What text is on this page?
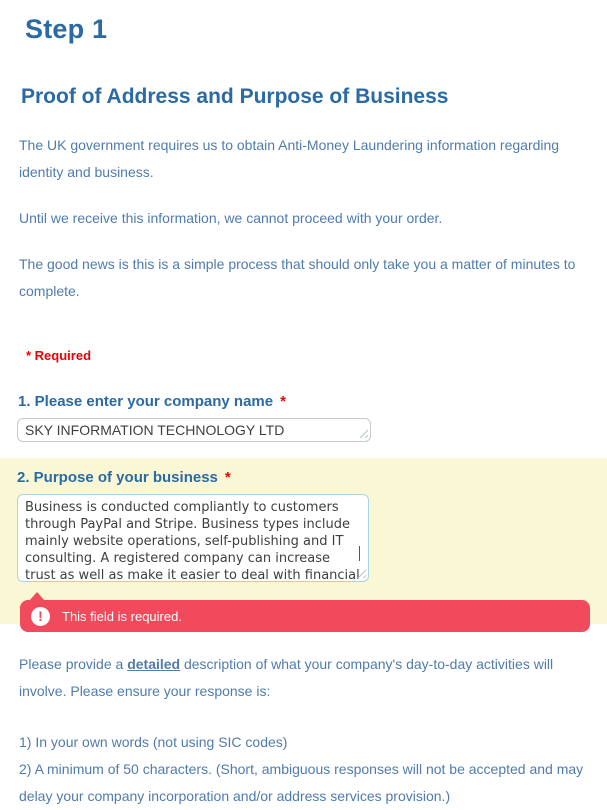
Step 1
Proof of Address and Purpose of Business

The UK government requires us to obtain Anti-Money Laundering information regarding identity and business.

Until we receive this information, we cannot proceed with your order.

The good news is this is a simple process that should only take you a matter of minutes to complete.

* Required
1. Please enter your company name *
SKY INFORMATION TECHNOLOGY LTD
2. Purpose of your business *
Business is conducted compliantly to customers through PayPal and Stripe. Business types include mainly website operations, self-publishing and IT consulting. A registered company can increase trust as well as make it easier to deal with financial issues
!	This field is required.

Please provide a detailed description of what your company's day-to-day activities will involve. Please ensure your response is:

1) In your own words (not using SIC codes)
2) A minimum of 50 characters. (Short, ambiguous responses will not be accepted and may delay your company incorporation and/or address services provision.)
